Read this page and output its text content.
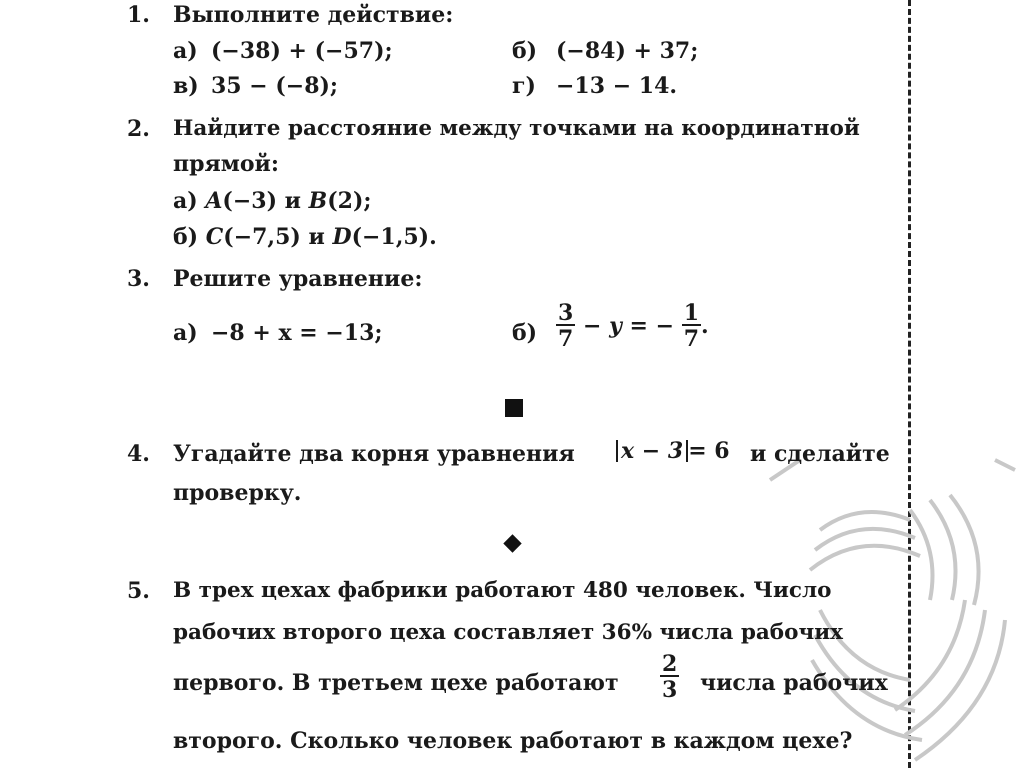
1. Выполните действие:
а) (−38) + (−57);	б) (−84) + 37;
в) 35 − (−8);	г) −13 − 14.
2. Найдите расстояние между точками на координатной
прямой:
а) A(−3) и B(2);
б) C(−7,5) и D(−1,5).
3. Решите уравнение:
а) −8 + x = −13;	$б) \frac{3}{7} - y$ = − $\frac{1}{7}$ .
4. Угадайте два корня уравнения x − 3 = 6 и сделайте
проверку.
5. В трех цехах фабрики работают 480 человек. Число
рабочих второго цеха составляет 36% числа рабочих
первого. В третьем цехе работают $\frac{2}{3}$ числа рабочих
второго. Сколько человек работают в каждом цехе?
